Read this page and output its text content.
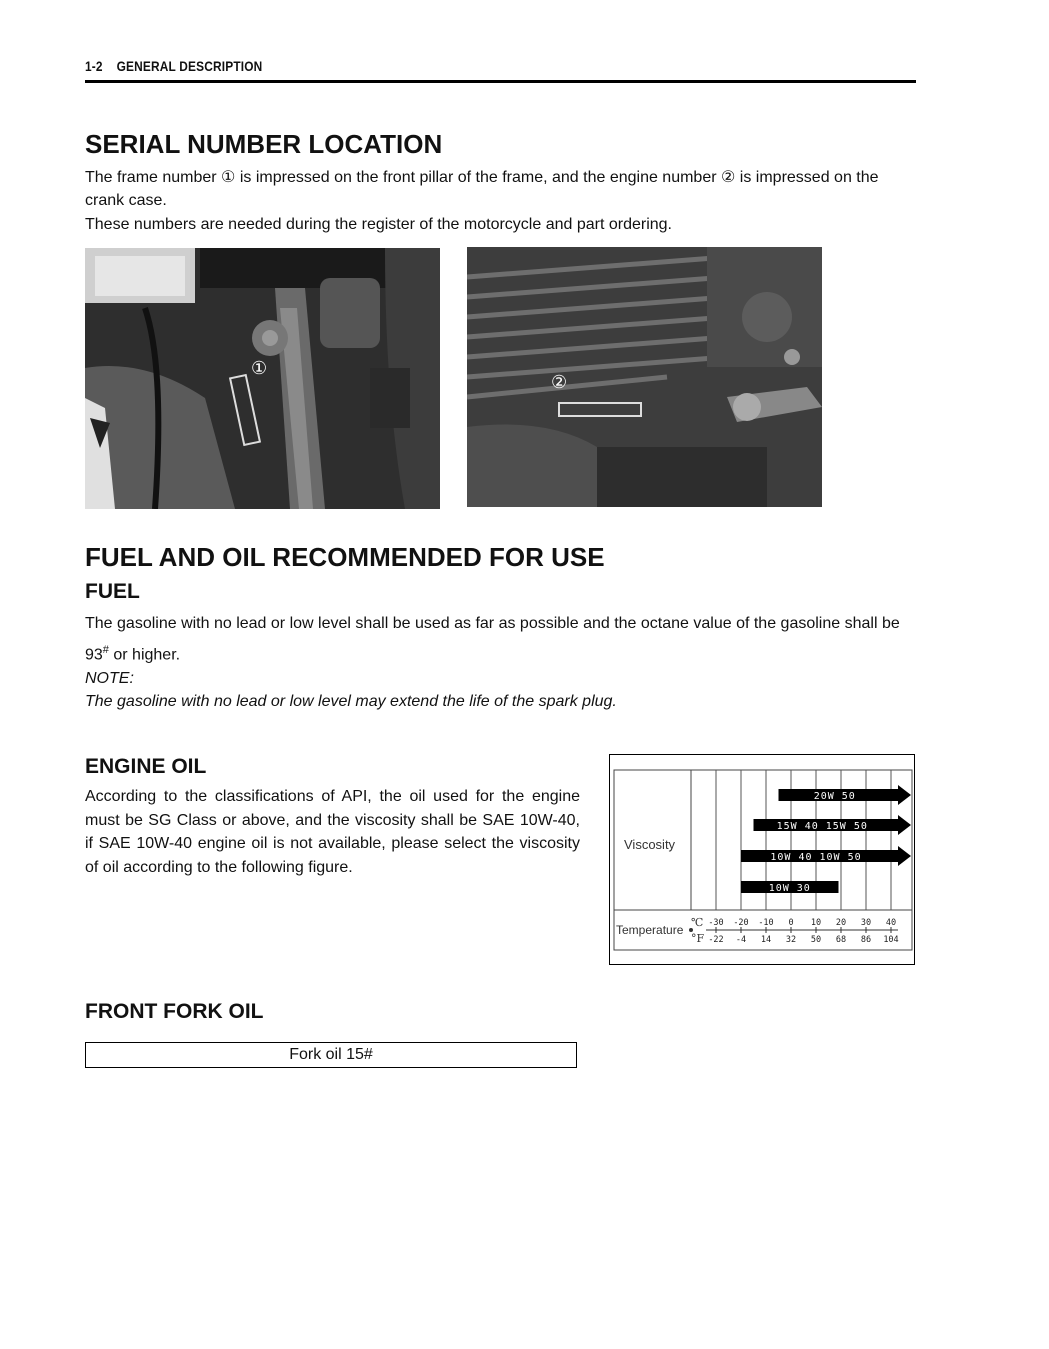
1-2    GENERAL DESCRIPTION
SERIAL NUMBER LOCATION

The frame number ① is impressed on the front pillar of the frame, and the engine number ② is impressed on the crank case.

These numbers are needed during the register of the motorcycle and part ordering.

①
②
FUEL AND OIL RECOMMENDED FOR USE
FUEL

The gasoline with no lead or low level shall be used as far as possible and the octane value of the gasoline shall be 93# or higher.

NOTE:

The gasoline with no lead or low level may extend the life of the spark plug.

ENGINE OIL

According to the classifications of API, the oil used for the engine must be SG Class or above, and the viscosity shall be SAE 10W-40, if SAE 10W-40 engine oil is not available, please select the viscosity of oil according to the following figure.

Viscosity
Temperature
℃
°F
-30
-22
-20
-4
-10
14
0
32
10
50
20
68
30
86
40
104
20W 50
15W 40 15W 50
10W 40 10W 50
10W 30
FRONT FORK OIL
Fork oil 15#
